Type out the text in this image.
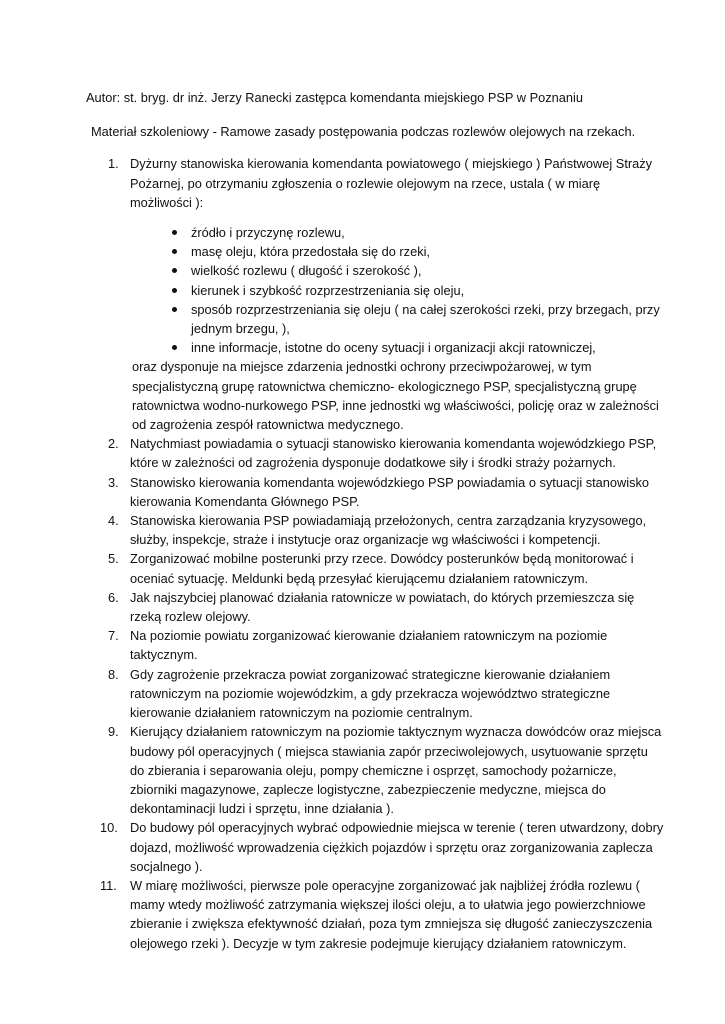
Autor: st. bryg. dr inż. Jerzy Ranecki zastępca komendanta miejskiego PSP w Poznaniu

Materiał szkoleniowy - Ramowe zasady postępowania podczas rozlewów olejowych na rzekach.

1. Dyżurny stanowiska kierowania komendanta powiatowego ( miejskiego ) Państwowej Straży Pożarnej, po otrzymaniu zgłoszenia o rozlewie olejowym na rzece, ustala ( w miarę możliwości ):
źródło i przyczynę rozlewu,
masę oleju, która przedostała się do rzeki,
wielkość rozlewu ( długość i szerokość ),
kierunek i szybkość rozprzestrzeniania się oleju,
sposób rozprzestrzeniania się oleju ( na całej szerokości rzeki, przy brzegach, przy jednym brzegu, ),
inne informacje, istotne do oceny sytuacji i organizacji akcji ratowniczej,
oraz dysponuje na miejsce zdarzenia jednostki ochrony przeciwpożarowej, w tym specjalistyczną grupę ratownictwa chemiczno- ekologicznego PSP, specjalistyczną grupę ratownictwa wodno-nurkowego PSP, inne jednostki wg właściwości, policję oraz w zależności od zagrożenia zespół ratownictwa medycznego.
2. Natychmiast powiadamia o sytuacji stanowisko kierowania komendanta wojewódzkiego PSP, które w zależności od zagrożenia dysponuje dodatkowe siły i środki straży pożarnych.
3. Stanowisko kierowania komendanta wojewódzkiego PSP powiadamia o sytuacji stanowisko kierowania Komendanta Głównego PSP.
4. Stanowiska kierowania PSP powiadamiają przełożonych, centra zarządzania kryzysowego, służby, inspekcje, straże i instytucje oraz organizacje wg właściwości i kompetencji.
5. Zorganizować mobilne posterunki przy rzece. Dowódcy posterunków będą monitorować i oceniać sytuację. Meldunki będą przesyłać kierującemu działaniem ratowniczym.
6. Jak najszybciej planować działania ratownicze w powiatach, do których przemieszcza się rzeką rozlew olejowy.
7. Na poziomie powiatu zorganizować kierowanie działaniem ratowniczym na poziomie taktycznym.
8. Gdy zagrożenie przekracza powiat zorganizować strategiczne kierowanie działaniem ratowniczym na poziomie wojewódzkim, a gdy przekracza województwo strategiczne kierowanie działaniem ratowniczym na poziomie centralnym.
9. Kierujący działaniem ratowniczym na poziomie taktycznym wyznacza dowódców oraz miejsca budowy pól operacyjnych ( miejsca stawiania zapór przeciwolejowych, usytuowanie sprzętu do zbierania i separowania oleju, pompy chemiczne i osprzęt, samochody pożarnicze, zbiorniki magazynowe, zaplecze logistyczne, zabezpieczenie medyczne, miejsca do dekontaminacji ludzi i sprzętu, inne działania ).
10. Do budowy pól operacyjnych wybrać odpowiednie miejsca w terenie ( teren utwardzony, dobry dojazd, możliwość wprowadzenia ciężkich pojazdów i sprzętu oraz zorganizowania zaplecza socjalnego ).
11. W miarę możliwości, pierwsze pole operacyjne zorganizować jak najbliżej źródła rozlewu ( mamy wtedy możliwość zatrzymania większej ilości oleju, a to ułatwia jego powierzchniowe zbieranie i zwiększa efektywność działań, poza tym zmniejsza się długość zanieczyszczenia olejowego rzeki ). Decyzje w tym zakresie podejmuje kierujący działaniem ratowniczym.
